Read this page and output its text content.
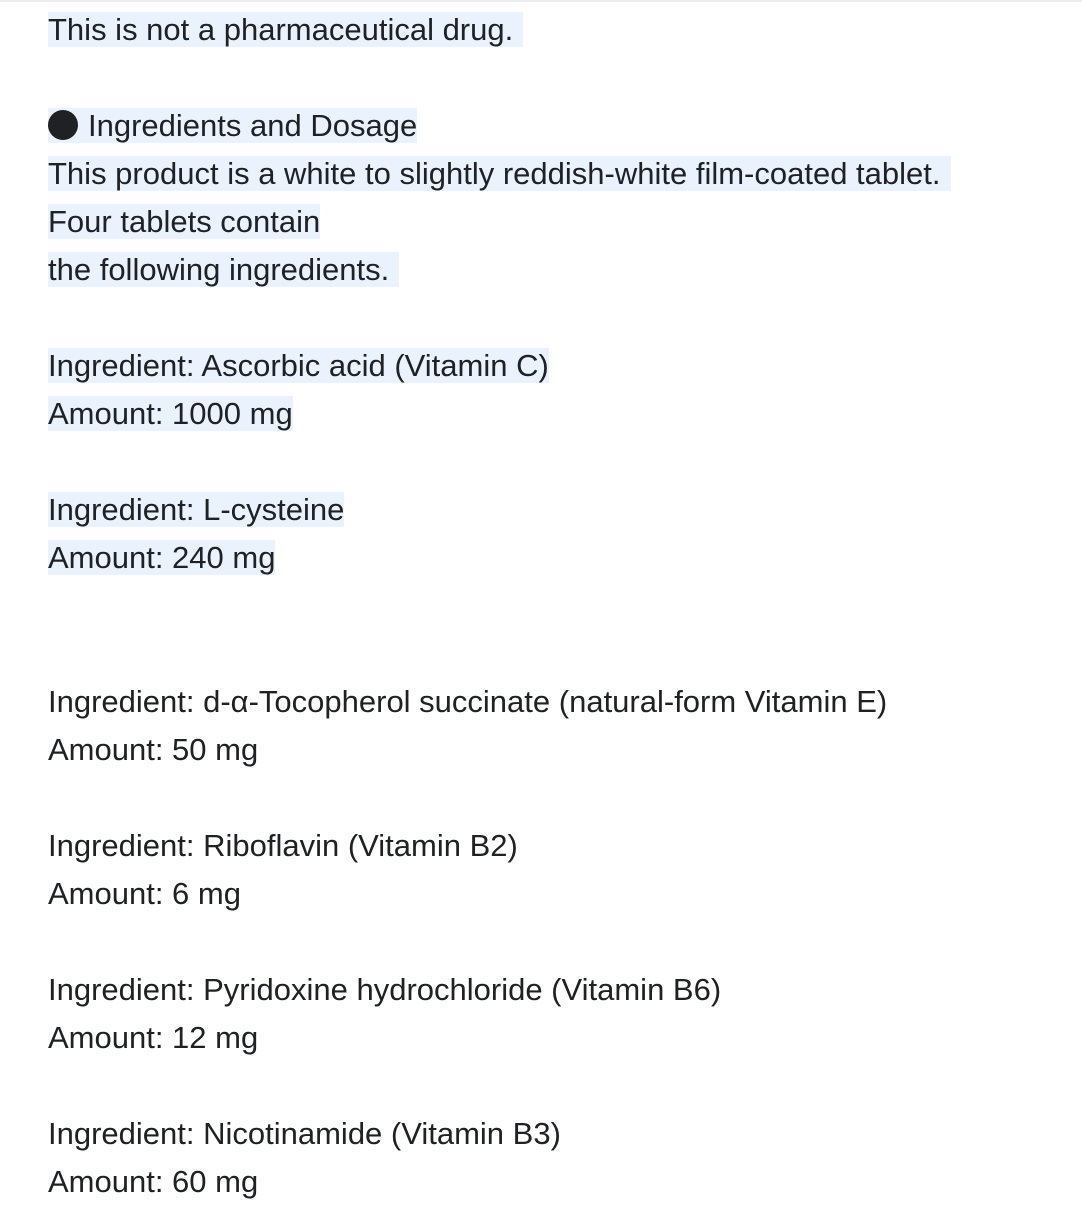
This is not a pharmaceutical drug.
Ingredients and Dosage
This product is a white to slightly reddish-white film-coated tablet.
Four tablets contain
the following ingredients.
Ingredient: Ascorbic acid (Vitamin C)
Amount: 1000 mg
Ingredient: L-cysteine
Amount: 240 mg
Ingredient: d-α-Tocopherol succinate (natural-form Vitamin E)
Amount: 50 mg
Ingredient: Riboflavin (Vitamin B2)
Amount: 6 mg
Ingredient: Pyridoxine hydrochloride (Vitamin B6)
Amount: 12 mg
Ingredient: Nicotinamide (Vitamin B3)
Amount: 60 mg
